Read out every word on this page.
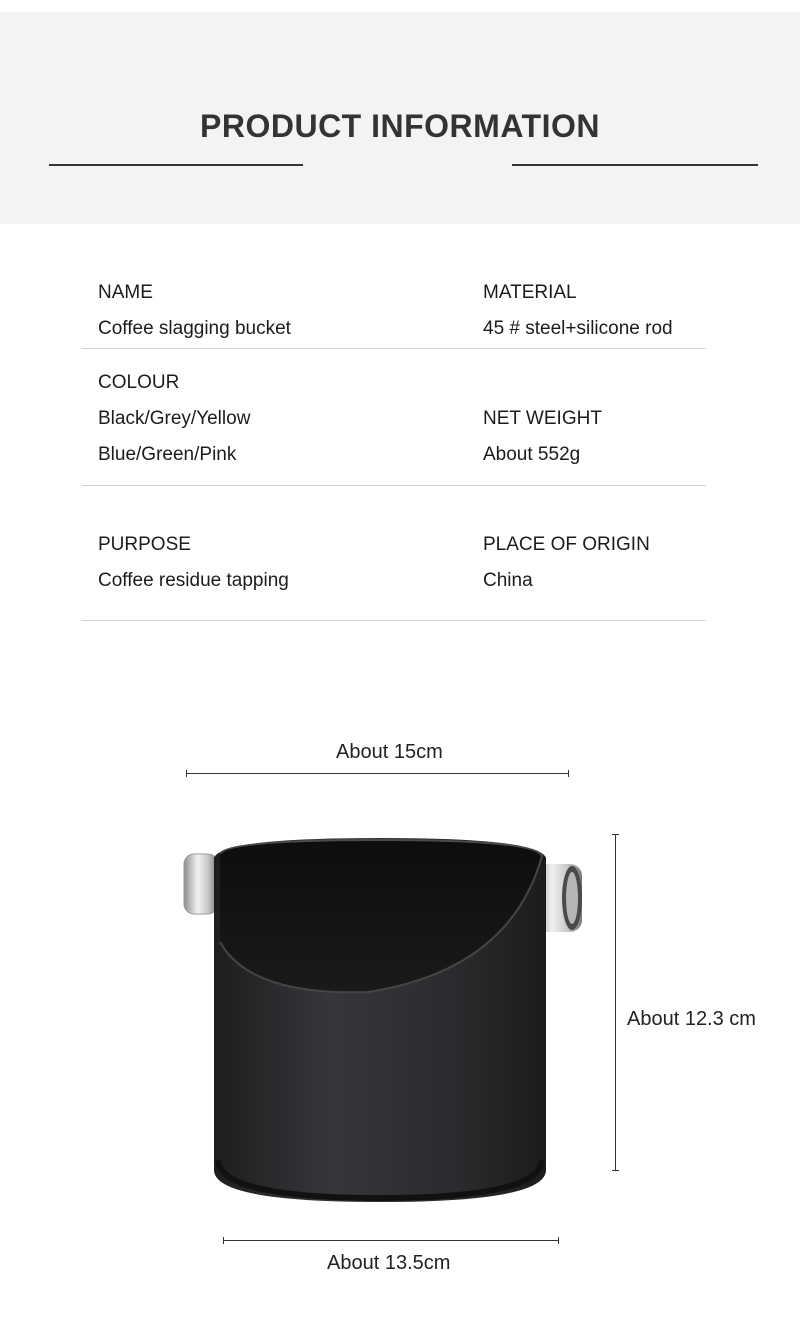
PRODUCT INFORMATION
NAME
Coffee slagging bucket
MATERIAL
45 # steel+silicone rod
COLOUR
Black/Grey/Yellow
Blue/Green/Pink
NET WEIGHT
About 552g
PURPOSE
Coffee residue tapping
PLACE OF ORIGIN
China
About 15cm
About 12.3 cm
About 13.5cm
